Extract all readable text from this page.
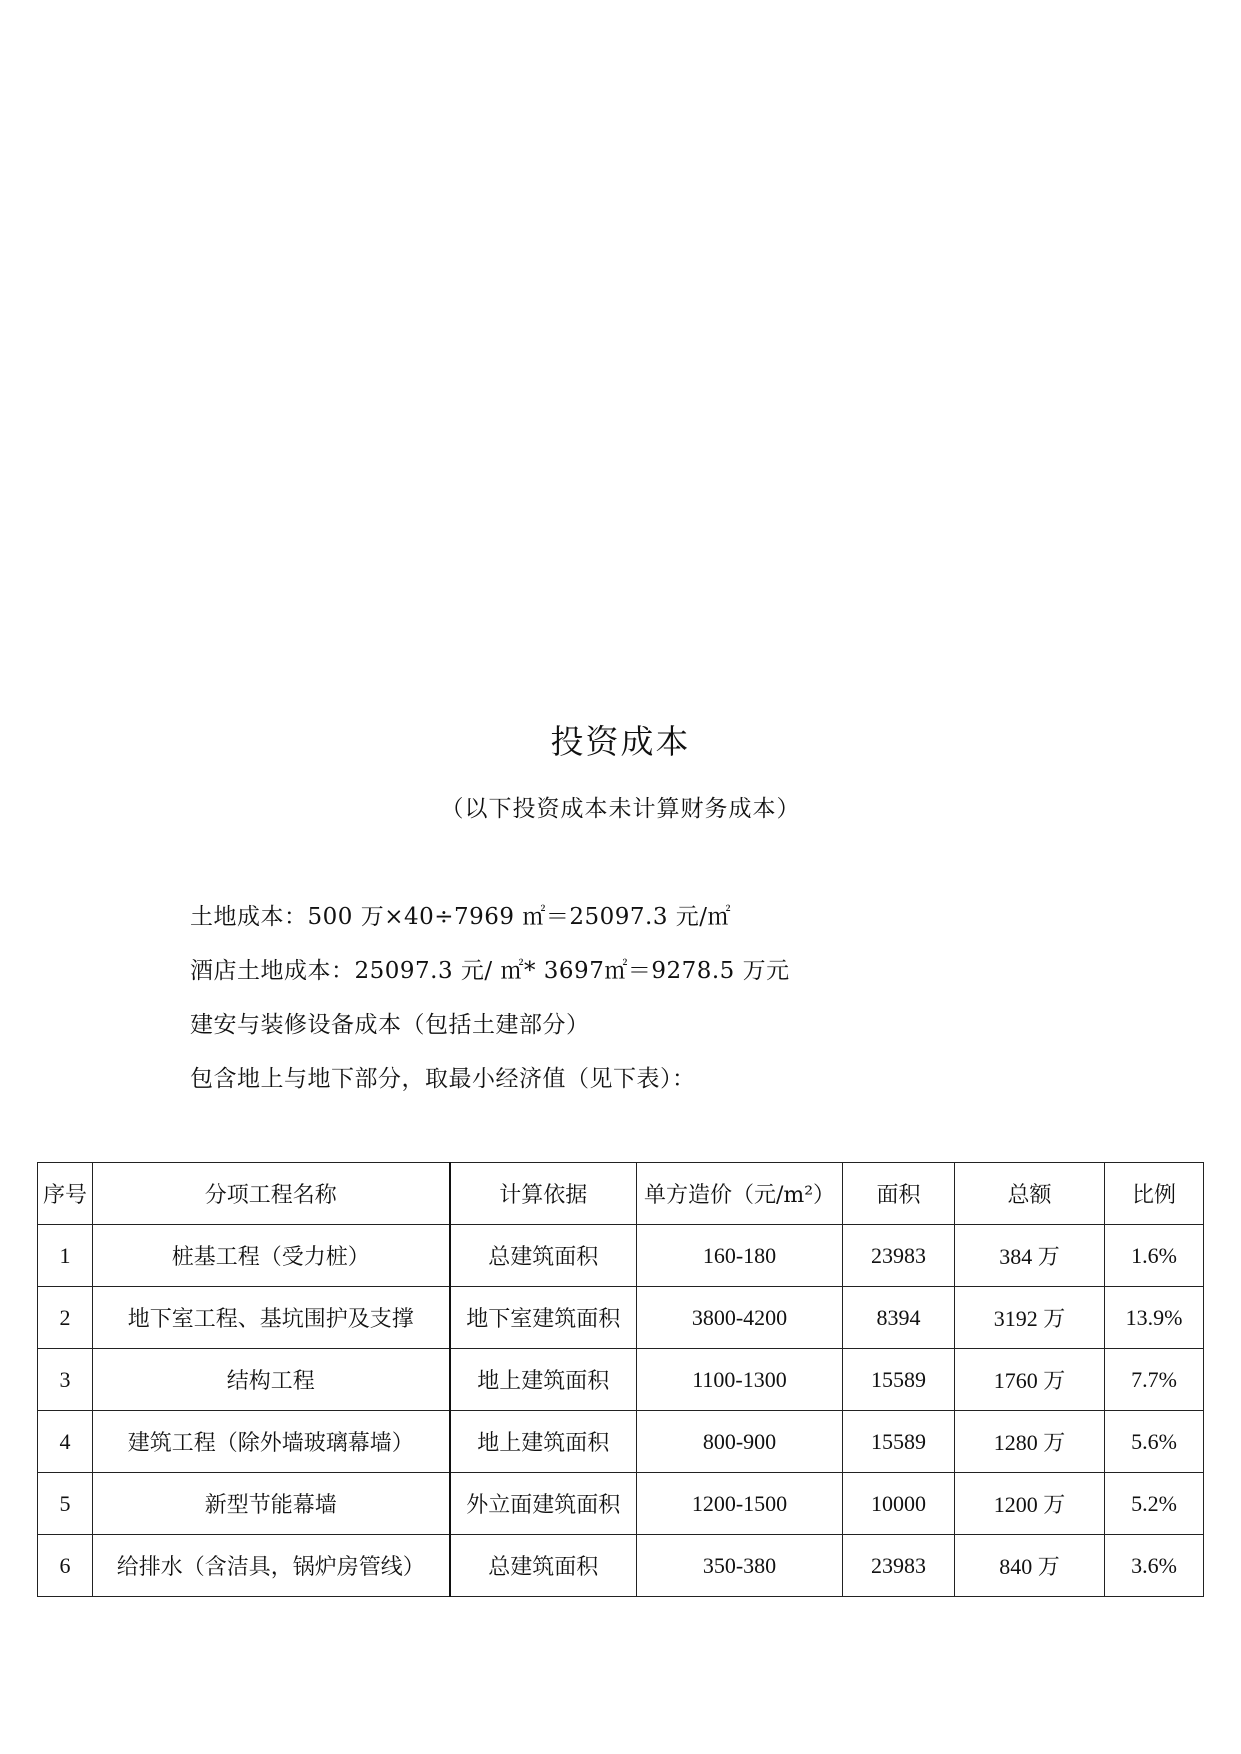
投资成本
（以下投资成本未计算财务成本）
土地成本：500 万×40÷7969 ㎡＝25097.3 元/㎡
酒店土地成本：25097.3 元/ ㎡* 3697㎡＝9278.5 万元
建安与装修设备成本（包括土建部分）
包含地上与地下部分，取最小经济值（见下表）：
序号	分项工程名称	计算依据	单方造价（元/m²）	面积	总额	比例
1	桩基工程（受力桩）	总建筑面积	160-180	23983	384 万	1.6%
2	地下室工程、基坑围护及支撑	地下室建筑面积	3800-4200	8394	3192 万	13.9%
3	结构工程	地上建筑面积	1100-1300	15589	1760 万	7.7%
4	建筑工程（除外墙玻璃幕墙）	地上建筑面积	800-900	15589	1280 万	5.6%
5	新型节能幕墙	外立面建筑面积	1200-1500	10000	1200 万	5.2%
6	给排水（含洁具，锅炉房管线）	总建筑面积	350-380	23983	840 万	3.6%
